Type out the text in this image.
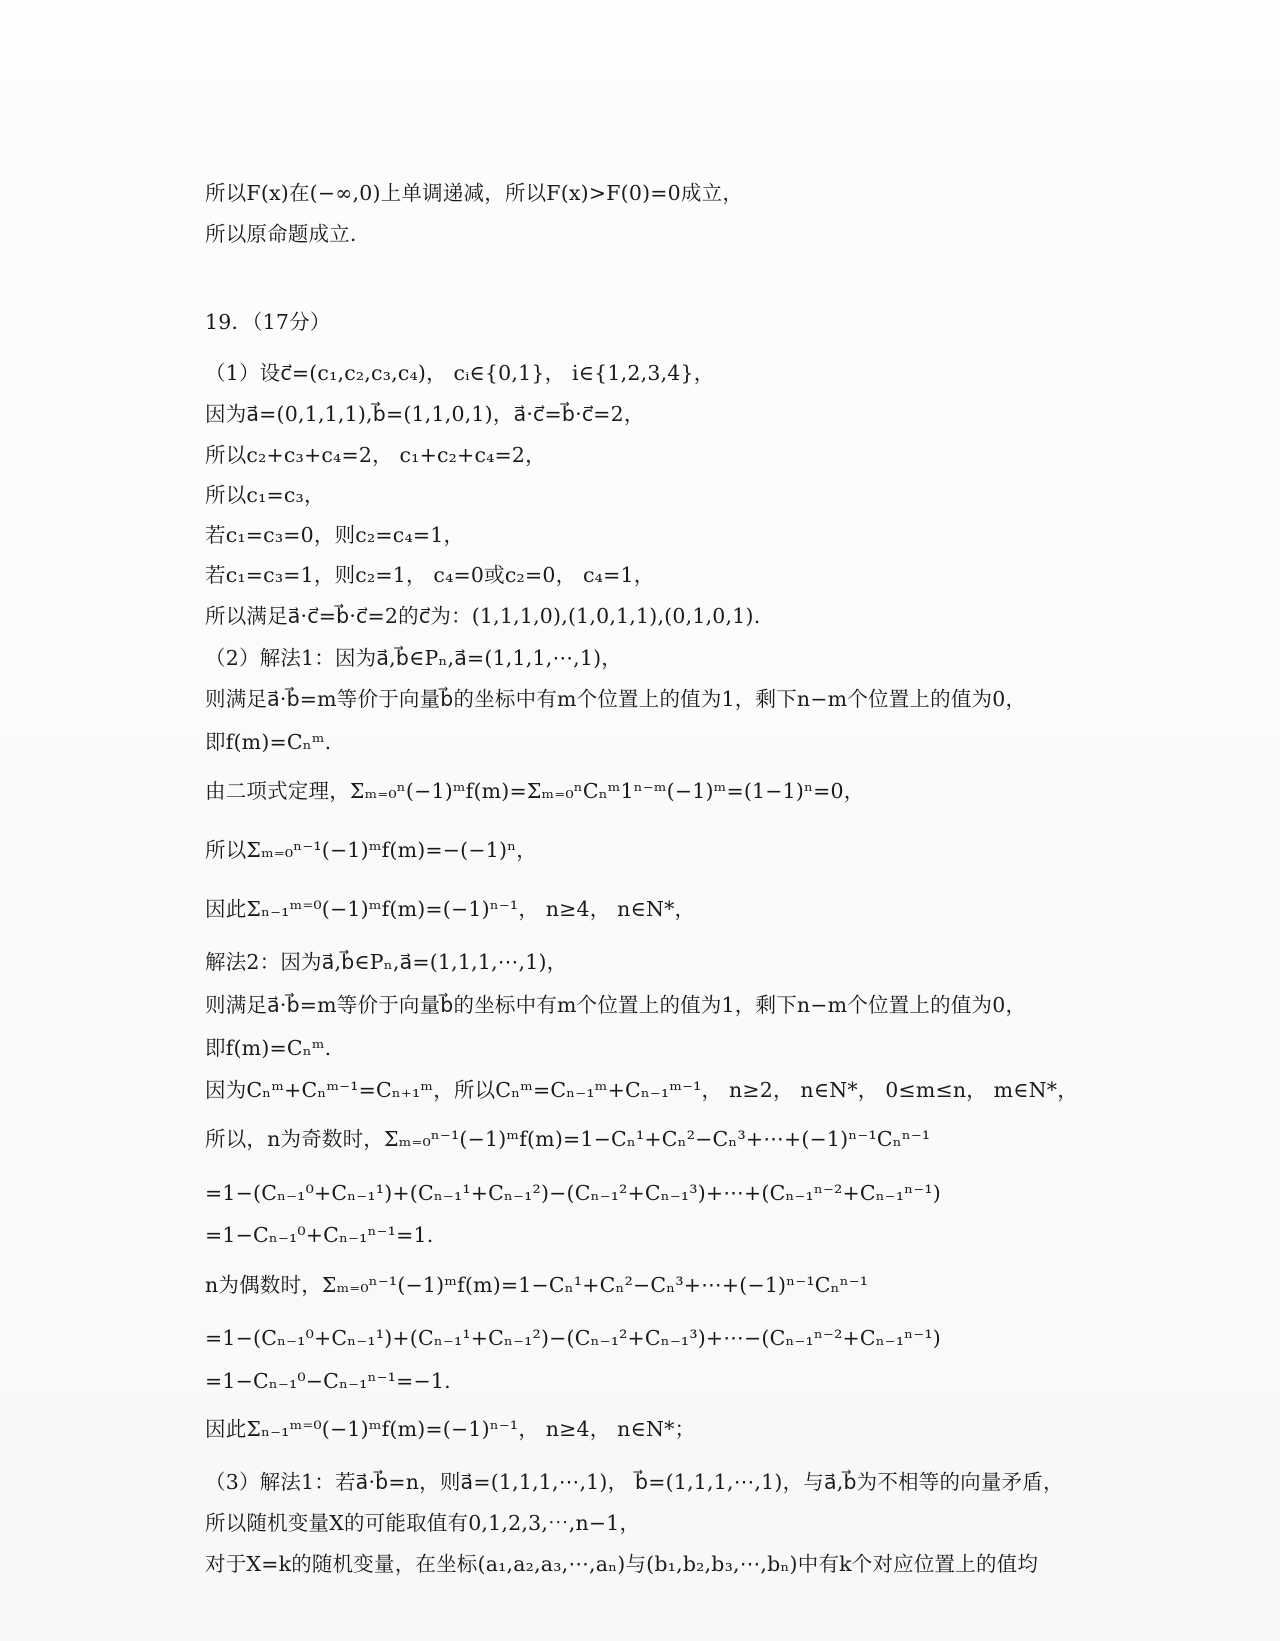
所以F(x)在(−∞,0)上单调递减，所以F(x)>F(0)=0成立，
所以原命题成立.
19．（17分）
（1）设c⃗=(c₁,c₂,c₃,c₄)， cᵢ∈{0,1}， i∈{1,2,3,4}，
因为a⃗=(0,1,1,1),b⃗=(1,1,0,1)，a⃗·c⃗=b⃗·c⃗=2，
所以c₂+c₃+c₄=2， c₁+c₂+c₄=2，
所以c₁=c₃，
若c₁=c₃=0，则c₂=c₄=1，
若c₁=c₃=1，则c₂=1， c₄=0或c₂=0， c₄=1，
所以满足a⃗·c⃗=b⃗·c⃗=2的c⃗为：(1,1,1,0),(1,0,1,1),(0,1,0,1).
（2）解法1：因为a⃗,b⃗∈Pₙ,a⃗=(1,1,1,⋯,1)，
则满足a⃗·b⃗=m等价于向量b⃗的坐标中有m个位置上的值为1，剩下n−m个位置上的值为0，
即f(m)=Cₙᵐ.
由二项式定理，Σₘ₌₀ⁿ(−1)ᵐf(m)=Σₘ₌₀ⁿCₙᵐ1ⁿ⁻ᵐ(−1)ᵐ=(1−1)ⁿ=0，
所以Σₘ₌₀ⁿ⁻¹(−1)ᵐf(m)=−(−1)ⁿ，
因此Σₙ₋₁ᵐ⁼⁰(−1)ᵐf(m)=(−1)ⁿ⁻¹， n≥4， n∈N*，
解法2：因为a⃗,b⃗∈Pₙ,a⃗=(1,1,1,⋯,1)，
则满足a⃗·b⃗=m等价于向量b⃗的坐标中有m个位置上的值为1，剩下n−m个位置上的值为0，
即f(m)=Cₙᵐ.
因为Cₙᵐ+Cₙᵐ⁻¹=Cₙ₊₁ᵐ，所以Cₙᵐ=Cₙ₋₁ᵐ+Cₙ₋₁ᵐ⁻¹， n≥2， n∈N*， 0≤m≤n， m∈N*，
所以，n为奇数时，Σₘ₌₀ⁿ⁻¹(−1)ᵐf(m)=1−Cₙ¹+Cₙ²−Cₙ³+⋯+(−1)ⁿ⁻¹Cₙⁿ⁻¹
=1−(Cₙ₋₁⁰+Cₙ₋₁¹)+(Cₙ₋₁¹+Cₙ₋₁²)−(Cₙ₋₁²+Cₙ₋₁³)+⋯+(Cₙ₋₁ⁿ⁻²+Cₙ₋₁ⁿ⁻¹)
=1−Cₙ₋₁⁰+Cₙ₋₁ⁿ⁻¹=1.
n为偶数时，Σₘ₌₀ⁿ⁻¹(−1)ᵐf(m)=1−Cₙ¹+Cₙ²−Cₙ³+⋯+(−1)ⁿ⁻¹Cₙⁿ⁻¹
=1−(Cₙ₋₁⁰+Cₙ₋₁¹)+(Cₙ₋₁¹+Cₙ₋₁²)−(Cₙ₋₁²+Cₙ₋₁³)+⋯−(Cₙ₋₁ⁿ⁻²+Cₙ₋₁ⁿ⁻¹)
=1−Cₙ₋₁⁰−Cₙ₋₁ⁿ⁻¹=−1.
因此Σₙ₋₁ᵐ⁼⁰(−1)ᵐf(m)=(−1)ⁿ⁻¹， n≥4， n∈N*；
（3）解法1：若a⃗·b⃗=n，则a⃗=(1,1,1,⋯,1)， b⃗=(1,1,1,⋯,1)，与a⃗,b⃗为不相等的向量矛盾，
所以随机变量X的可能取值有0,1,2,3,⋯,n−1，
对于X=k的随机变量，在坐标(a₁,a₂,a₃,⋯,aₙ)与(b₁,b₂,b₃,⋯,bₙ)中有k个对应位置上的值均
